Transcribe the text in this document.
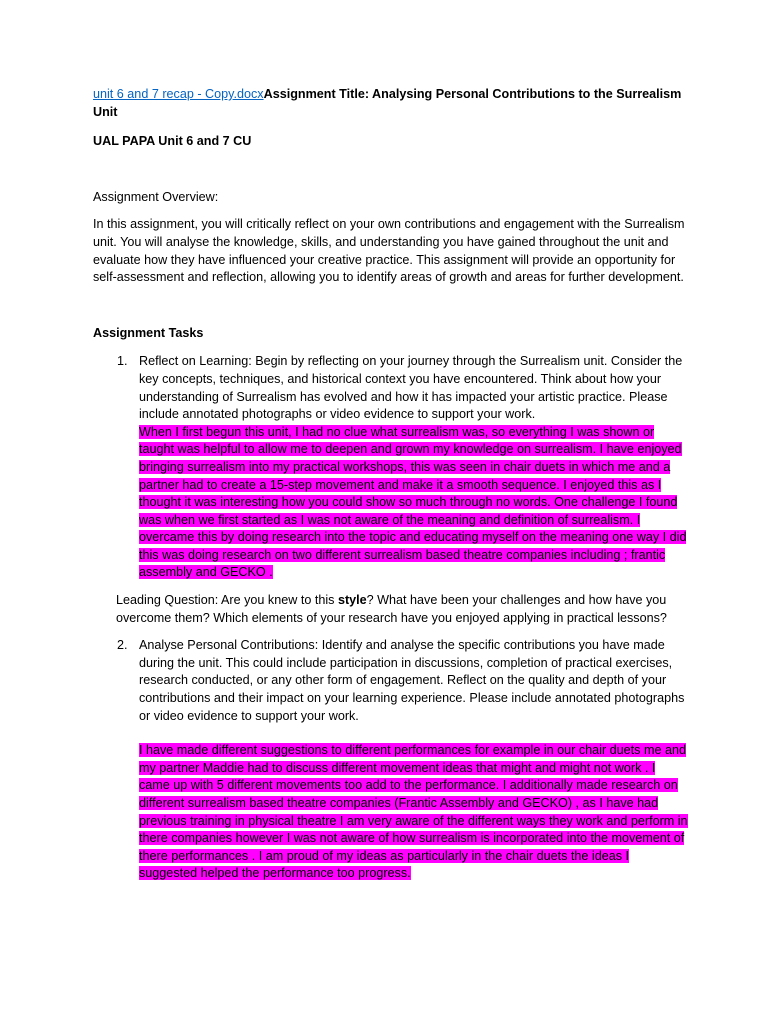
unit 6 and 7 recap - Copy.docxAssignment Title: Analysing Personal Contributions to the Surrealism Unit

UAL PAPA Unit 6 and 7 CU

Assignment Overview:

In this assignment, you will critically reflect on your own contributions and engagement with the Surrealism unit. You will analyse the knowledge, skills, and understanding you have gained throughout the unit and evaluate how they have influenced your creative practice. This assignment will provide an opportunity for self-assessment and reflection, allowing you to identify areas of growth and areas for further development.

Assignment Tasks

1. Reflect on Learning: Begin by reflecting on your journey through the Surrealism unit. Consider the key concepts, techniques, and historical context you have encountered. Think about how your understanding of Surrealism has evolved and how it has impacted your artistic practice. Please include annotated photographs or video evidence to support your work.
When I first begun this unit, I had no clue what surrealism was, so everything I was shown or taught was helpful to allow me to deepen and grown my knowledge on surrealism. I have enjoyed bringing surrealism into my practical workshops, this was seen in chair duets in which me and a partner had to create a 15-step movement and make it a smooth sequence. I enjoyed this as I thought it was interesting how you could show so much through no words. One challenge I found was when we first started as I was not aware of the meaning and definition of surrealism. I overcame this by doing research into the topic and educating myself on the meaning one way I did this was doing research on two different surrealism based theatre companies including ; frantic assembly and GECKO .

Leading Question: Are you knew to this style? What have been your challenges and how have you overcome them? Which elements of your research have you enjoyed applying in practical lessons?

2. Analyse Personal Contributions: Identify and analyse the specific contributions you have made during the unit. This could include participation in discussions, completion of practical exercises, research conducted, or any other form of engagement. Reflect on the quality and depth of your contributions and their impact on your learning experience. Please include annotated photographs or video evidence to support your work.
I have made different suggestions to different performances for example in our chair duets me and my partner Maddie had to discuss different movement ideas that might and might not work . I came up with 5 different movements too add to the performance. I additionally made research on different surrealism based theatre companies (Frantic Assembly and GECKO) , as I have had previous training in physical theatre I am very aware of the different ways they work and perform in there companies however I was not aware of how surrealism is incorporated into the movement of there performances . I am proud of my ideas as particularly in the chair duets the ideas I suggested helped the performance too progress.
